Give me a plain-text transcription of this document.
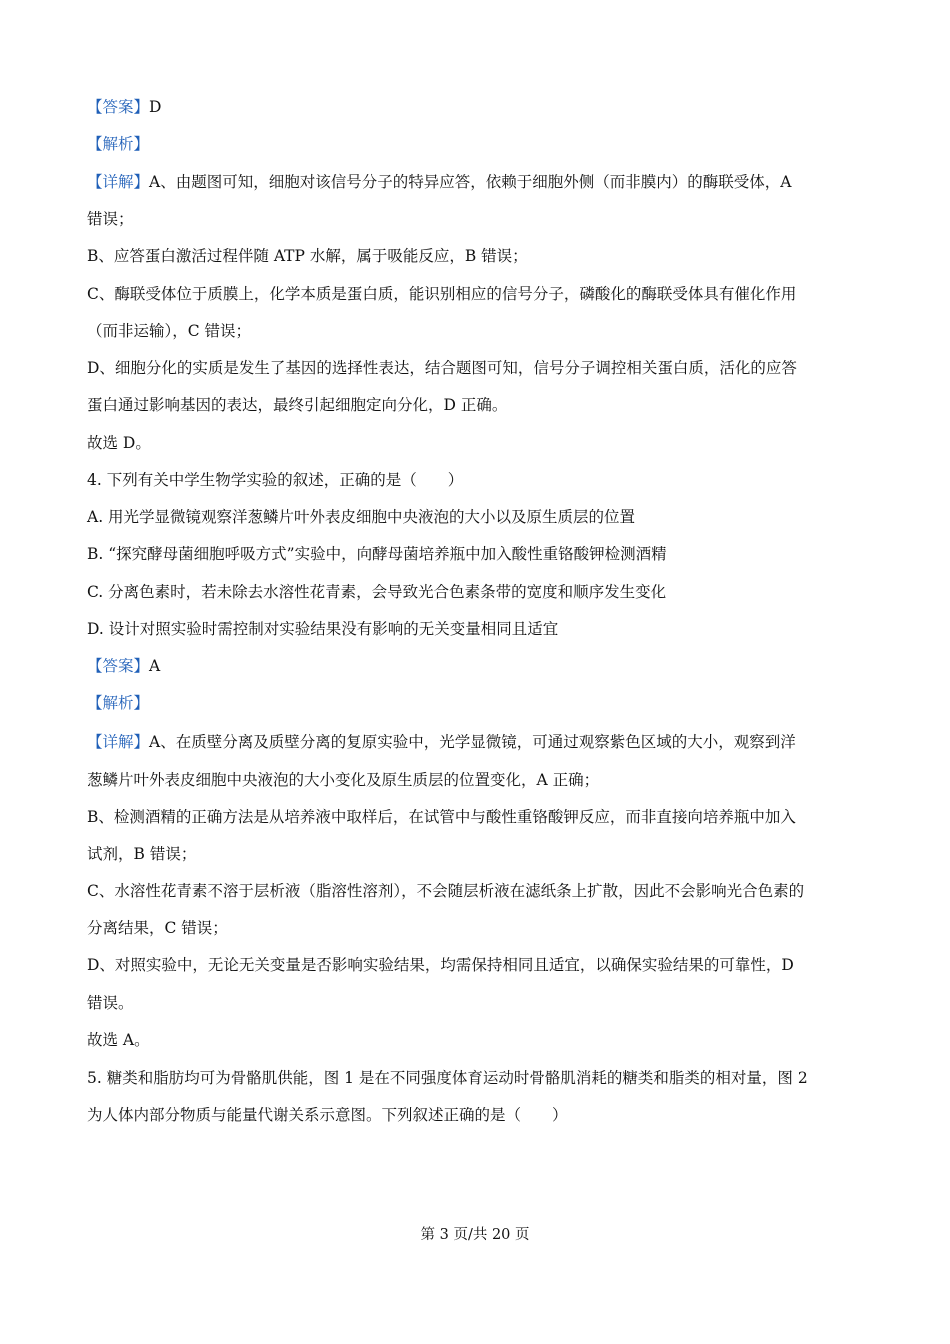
【答案】D
【解析】
【详解】A、由题图可知，细胞对该信号分子的特异应答，依赖于细胞外侧（而非膜内）的酶联受体，A
错误；
B、应答蛋白激活过程伴随 ATP 水解，属于吸能反应，B 错误；
C、酶联受体位于质膜上，化学本质是蛋白质，能识别相应的信号分子，磷酸化的酶联受体具有催化作用
（而非运输），C 错误；
D、细胞分化的实质是发生了基因的选择性表达，结合题图可知，信号分子调控相关蛋白质，活化的应答
蛋白通过影响基因的表达，最终引起细胞定向分化，D 正确。
故选 D。
4. 下列有关中学生物学实验的叙述，正确的是（　　）
A. 用光学显微镜观察洋葱鳞片叶外表皮细胞中央液泡的大小以及原生质层的位置
B. “探究酵母菌细胞呼吸方式”实验中，向酵母菌培养瓶中加入酸性重铬酸钾检测酒精
C. 分离色素时，若未除去水溶性花青素，会导致光合色素条带的宽度和顺序发生变化
D. 设计对照实验时需控制对实验结果没有影响的无关变量相同且适宜
【答案】A
【解析】
【详解】A、在质壁分离及质壁分离的复原实验中，光学显微镜，可通过观察紫色区域的大小，观察到洋
葱鳞片叶外表皮细胞中央液泡的大小变化及原生质层的位置变化，A 正确；
B、检测酒精的正确方法是从培养液中取样后，在试管中与酸性重铬酸钾反应，而非直接向培养瓶中加入
试剂，B 错误；
C、水溶性花青素不溶于层析液（脂溶性溶剂），不会随层析液在滤纸条上扩散，因此不会影响光合色素的
分离结果，C 错误；
D、对照实验中，无论无关变量是否影响实验结果，均需保持相同且适宜，以确保实验结果的可靠性，D
错误。
故选 A。
5. 糖类和脂肪均可为骨骼肌供能，图 1 是在不同强度体育运动时骨骼肌消耗的糖类和脂类的相对量，图 2
为人体内部分物质与能量代谢关系示意图。下列叙述正确的是（　　）
第 3 页/共 20 页
